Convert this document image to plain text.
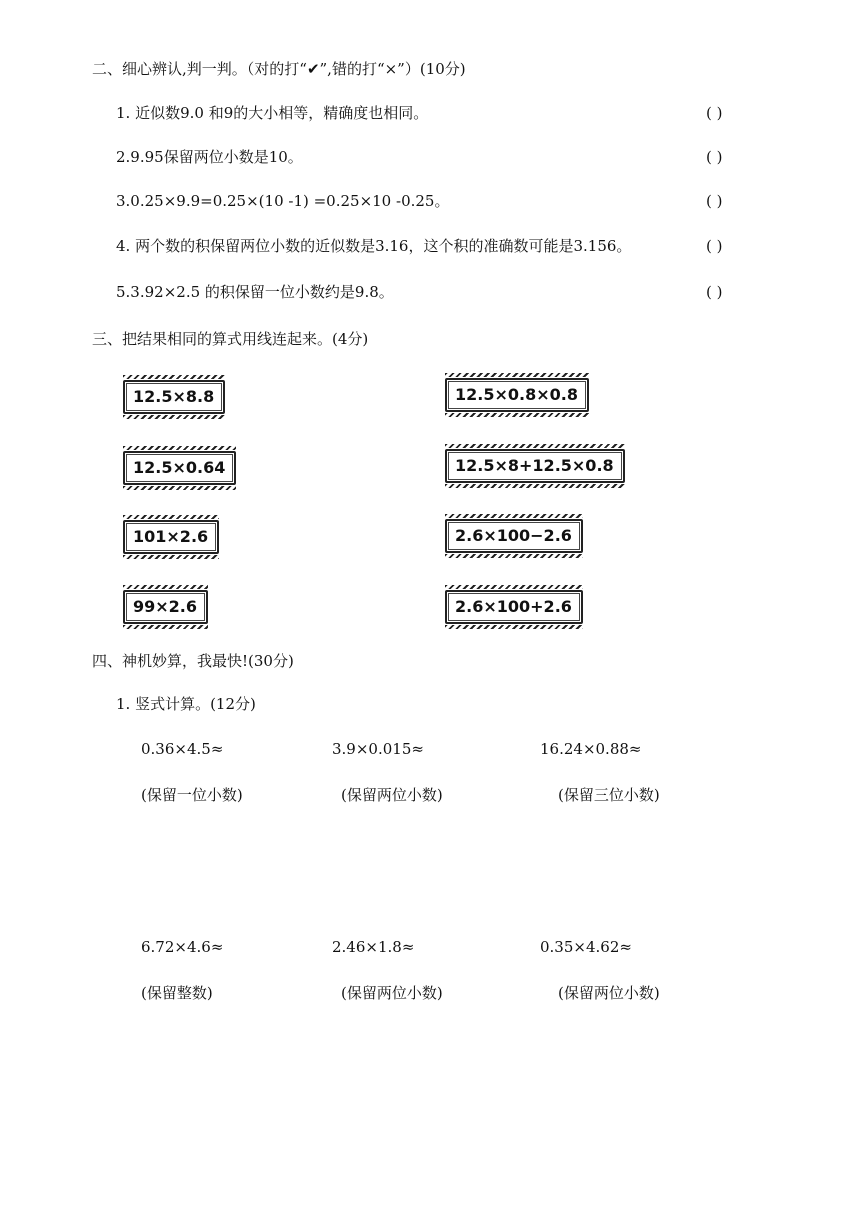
二、细心辨认,判一判。（对的打“✔”,错的打“×”）(10分)
1. 近似数9.0 和9的大小相等，精确度也相同。	( )
2.9.95保留两位小数是10。	( )
3.0.25×9.9=0.25×(10 -1) =0.25×10 -0.25。	( )
4. 两个数的积保留两位小数的近似数是3.16，这个积的准确数可能是3.156。	( )
5.3.92×2.5 的积保留一位小数约是9.8。	( )
三、把结果相同的算式用线连起来。(4分)
12.5×8.8
12.5×0.64
101×2.6
99×2.6
12.5×0.8×0.8
12.5×8+12.5×0.8
2.6×100−2.6
2.6×100+2.6
四、神机妙算，我最快!(30分)
1. 竖式计算。(12分)
0.36×4.5≈	3.9×0.015≈	16.24×0.88≈
(保留一位小数)	(保留两位小数)	(保留三位小数)
6.72×4.6≈	2.46×1.8≈	0.35×4.62≈
(保留整数)	(保留两位小数)	(保留两位小数)
